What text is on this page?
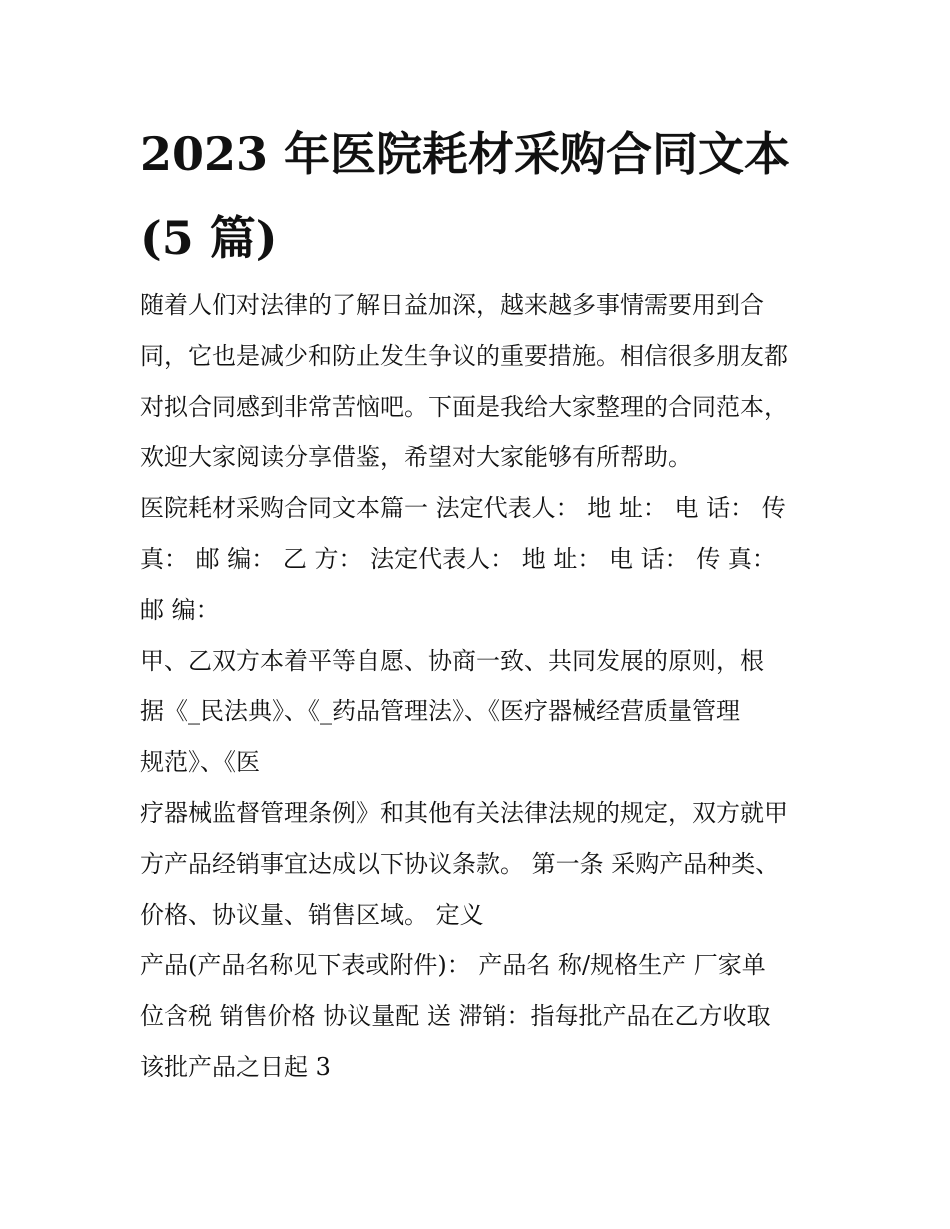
2023 年医院耗材采购合同文本
(5 篇)
随着人们对法律的了解日益加深，越来越多事情需要用到合
同，它也是减少和防止发生争议的重要措施。相信很多朋友都
对拟合同感到非常苦恼吧。下面是我给大家整理的合同范本，
欢迎大家阅读分享借鉴，希望对大家能够有所帮助。
医院耗材采购合同文本篇一 法定代表人： 地 址： 电 话： 传
真： 邮 编： 乙 方： 法定代表人： 地 址： 电 话： 传 真：
邮 编：
甲、乙双方本着平等自愿、协商一致、共同发展的原则，根
据《_民法典》、《_药品管理法》、《医疗器械经营质量管理
规范》、《医
疗器械监督管理条例》和其他有关法律法规的规定，双方就甲
方产品经销事宜达成以下协议条款。 第一条 采购产品种类、
价格、协议量、销售区域。 定义
产品(产品名称见下表或附件)： 产品名 称/规格生产 厂家单
位含税 销售价格 协议量配 送 滞销：指每批产品在乙方收取
该批产品之日起 3
